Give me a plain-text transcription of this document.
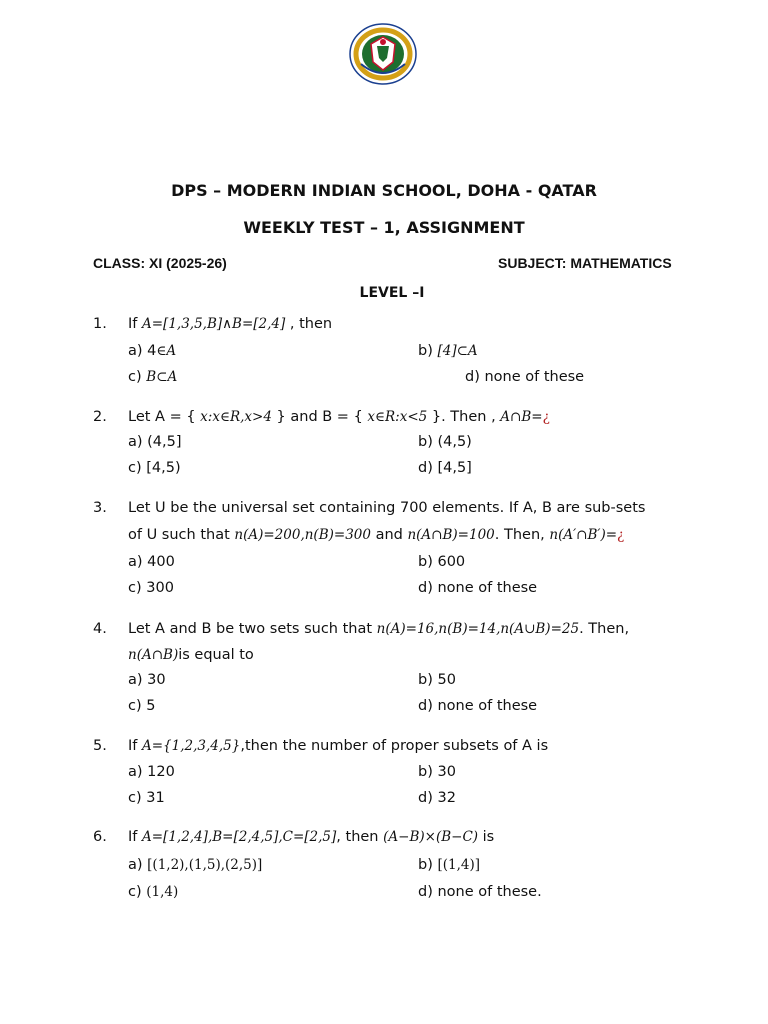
DPS – MODERN INDIAN SCHOOL, DOHA - QATAR
WEEKLY TEST – 1, ASSIGNMENT
CLASS: XI (2025-26)	SUBJECT: MATHEMATICS
LEVEL –I
1. If A=[1,3,5,B]∧B=[2,4] , then
a) 4∈A	b) [4]⊂A
c) B⊂A	d) none of these
2. Let A = { x:x∈R,x>4 } and B = { x∈R:x<5 }. Then , A∩B=¿
a) (4,5]	b) (4,5)
c) [4,5)	d) [4,5]
3. Let U be the universal set containing 700 elements. If A, B are sub-sets
of U such that n(A)=200,n(B)=300 and n(A∩B)=100. Then, n(A′∩B′)=¿
a) 400	b) 600
c) 300	d) none of these
4. Let A and B be two sets such that n(A)=16,n(B)=14,n(A∪B)=25. Then,
n(A∩B)is equal to
a) 30	b) 50
c) 5	d) none of these
5. If A={1,2,3,4,5},then the number of proper subsets of A is
a) 120	b) 30
c) 31	d) 32
6. If A=[1,2,4],B=[2,4,5],C=[2,5], then (A−B)×(B−C) is
a) [(1,2),(1,5),(2,5)]	b) [(1,4)]
c) (1,4)	d) none of these.
